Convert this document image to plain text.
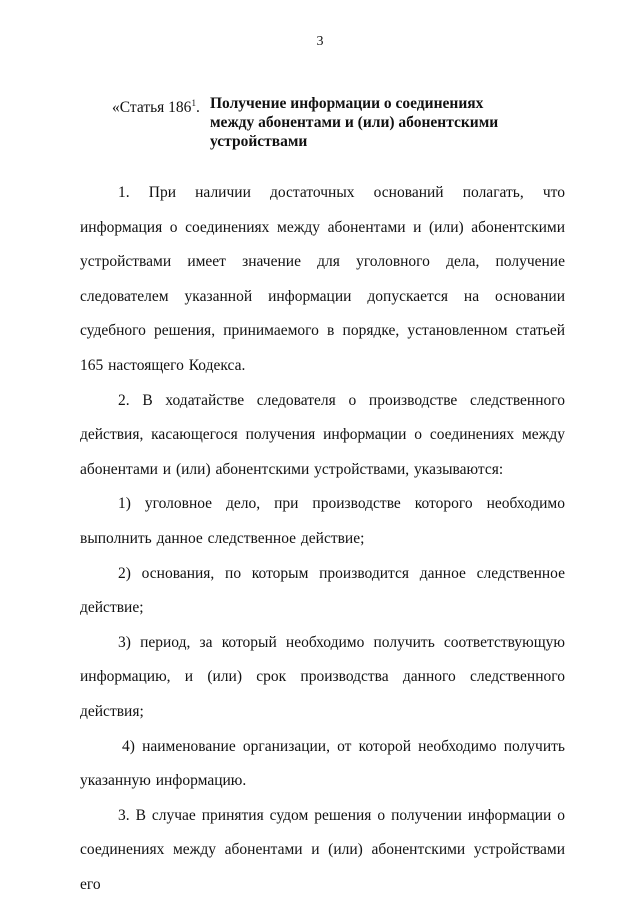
3
«Статья $186^1$. Получение информации о соединениях
между абонентами и (или) абонентскими
устройствами

1. При наличии достаточных оснований полагать, что информация о соединениях между абонентами и (или) абонентскими устройствами имеет значение для уголовного дела, получение следователем указанной информации допускается на основании судебного решения, принимаемого в порядке, установленном статьей 165 настоящего Кодекса.

2. В ходатайстве следователя о производстве следственного действия, касающегося получения информации о соединениях между абонентами и (или) абонентскими устройствами, указываются:

1) уголовное дело, при производстве которого необходимо выполнить данное следственное действие;

2) основания, по которым производится данное следственное действие;

3) период, за который необходимо получить соответствующую информацию, и (или) срок производства данного следственного действия;

4) наименование организации, от которой необходимо получить указанную информацию.

3. В случае принятия судом решения о получении информации о соединениях между абонентами и (или) абонентскими устройствами его
